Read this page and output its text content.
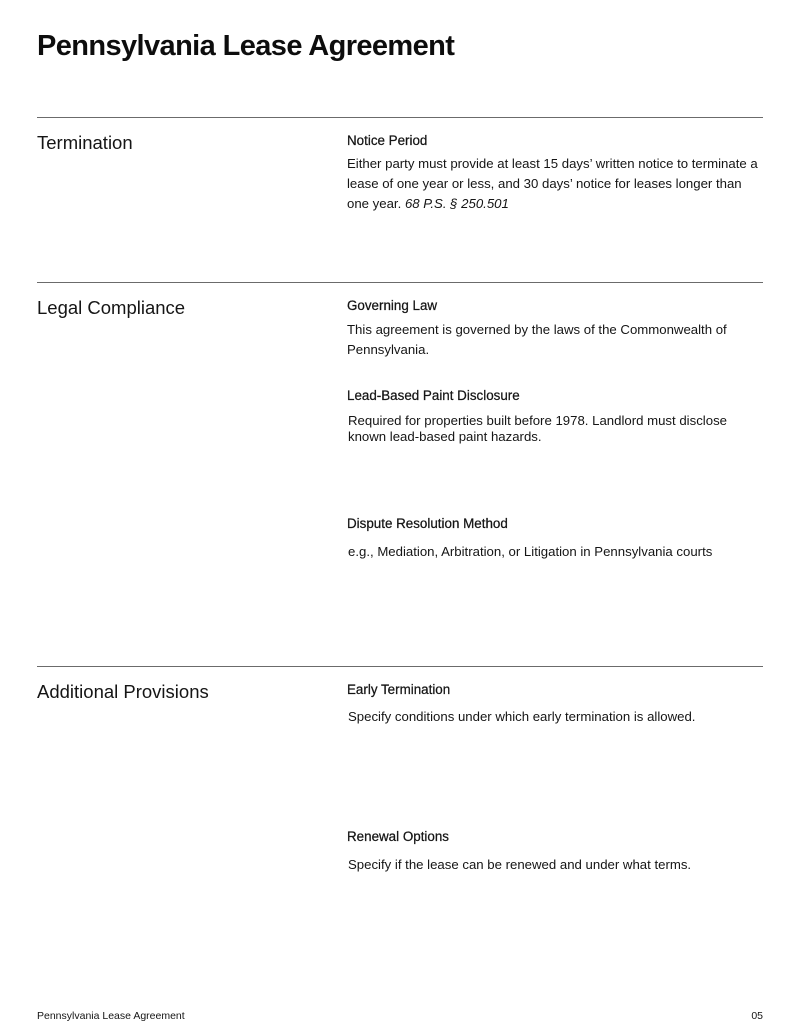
Pennsylvania Lease Agreement
Termination	Notice Period

Either party must provide at least 15 days’ written notice to terminate a lease of one year or less, and 30 days’ notice for leases longer than one year. 68 P.S. § 250.501

Legal Compliance	Governing Law

This agreement is governed by the laws of the Commonwealth of Pennsylvania.

Lead-Based Paint Disclosure

Required for properties built before 1978. Landlord must disclose known lead-based paint hazards.

Dispute Resolution Method

e.g., Mediation, Arbitration, or Litigation in Pennsylvania courts

Additional Provisions	Early Termination

Specify conditions under which early termination is allowed.

Renewal Options

Specify if the lease can be renewed and under what terms.

Pennsylvania Lease Agreement	05
